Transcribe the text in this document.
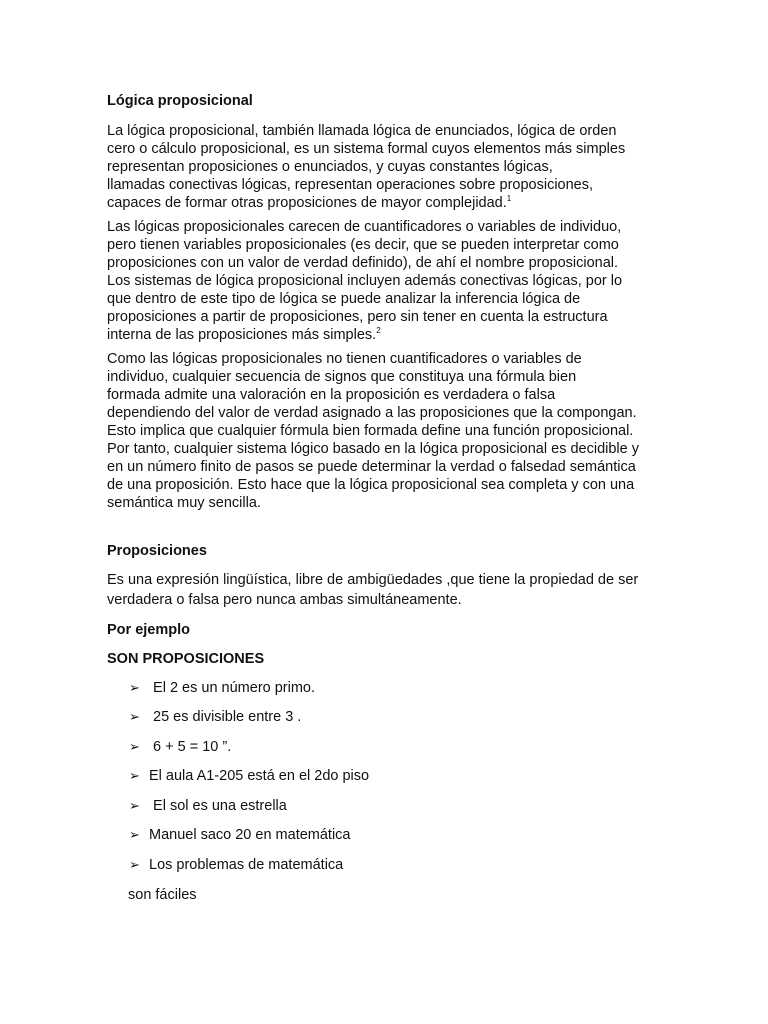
Lógica proposicional
La lógica proposicional, también llamada lógica de enunciados, lógica de orden
cero o cálculo proposicional, es un sistema formal cuyos elementos más simples
representan proposiciones o enunciados, y cuyas constantes lógicas,
llamadas conectivas lógicas, representan operaciones sobre proposiciones,
capaces de formar otras proposiciones de mayor complejidad.$^1$
Las lógicas proposicionales carecen de cuantificadores o variables de individuo,
pero tienen variables proposicionales (es decir, que se pueden interpretar como
proposiciones con un valor de verdad definido), de ahí el nombre proposicional.
Los sistemas de lógica proposicional incluyen además conectivas lógicas, por lo
que dentro de este tipo de lógica se puede analizar la inferencia lógica de
proposiciones a partir de proposiciones, pero sin tener en cuenta la estructura
interna de las proposiciones más simples.$^2$
Como las lógicas proposicionales no tienen cuantificadores o variables de
individuo, cualquier secuencia de signos que constituya una fórmula bien
formada admite una valoración en la proposición es verdadera o falsa
dependiendo del valor de verdad asignado a las proposiciones que la compongan.
Esto implica que cualquier fórmula bien formada define una función proposicional.
Por tanto, cualquier sistema lógico basado en la lógica proposicional es decidible y
en un número finito de pasos se puede determinar la verdad o falsedad semántica
de una proposición. Esto hace que la lógica proposicional sea completa y con una
semántica muy sencilla.
Proposiciones
Es una expresión lingüística, libre de ambigüedades ,que tiene la propiedad de ser
verdadera o falsa pero nunca ambas simultáneamente.
Por ejemplo
SON PROPOSICIONES
➢ El 2 es un número primo.
➢ 25 es divisible entre 3 .
➢ 6 + 5 = 10 ”.
➢ El aula A1-205 está en el 2do piso
➢ El sol es una estrella
➢ Manuel saco 20 en matemática
➢ Los problemas de matemática
son fáciles
